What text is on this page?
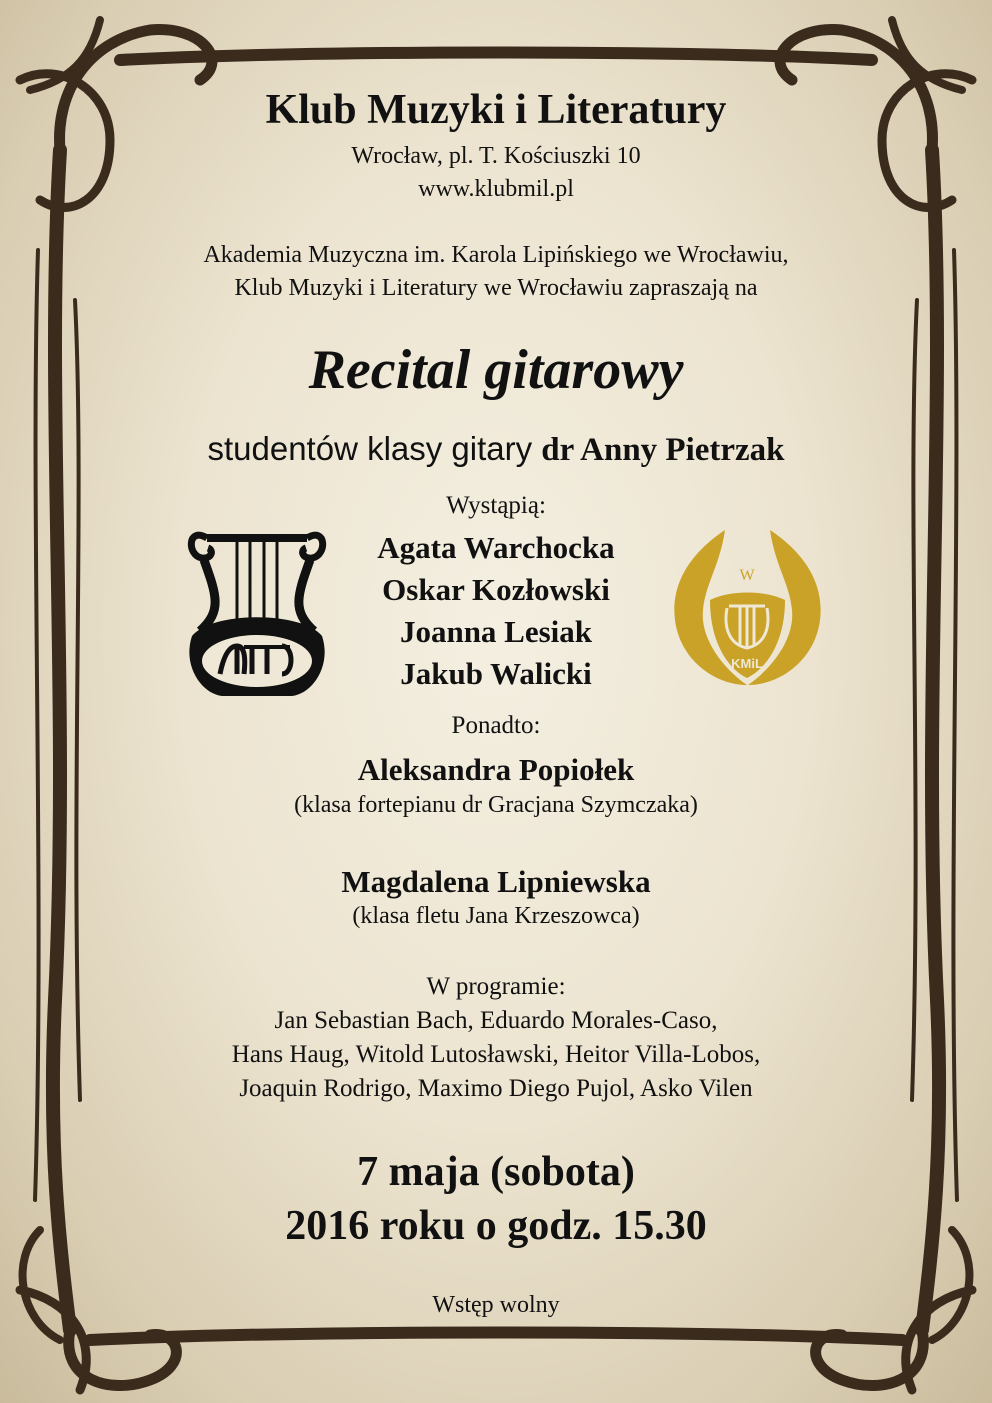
Klub Muzyki i Literatury
Wrocław, pl. T. Kościuszki 10
www.klubmil.pl
Akademia Muzyczna im. Karola Lipińskiego we Wrocławiu,
Klub Muzyki i Literatury we Wrocławiu zapraszają na
Recital gitarowy
studentów klasy gitary dr Anny Pietrzak
Wystąpią:
Agata Warchocka
Oskar Kozłowski
Joanna Lesiak
Jakub Walicki
W
KMiL
Ponadto:
Aleksandra Popiołek
(klasa fortepianu dr Gracjana Szymczaka)
Magdalena Lipniewska
(klasa fletu Jana Krzeszowca)
W programie:
Jan Sebastian Bach, Eduardo Morales-Caso,
Hans Haug, Witold Lutosławski, Heitor Villa-Lobos,
Joaquin Rodrigo, Maximo Diego Pujol, Asko Vilen
7 maja (sobota)
2016 roku o godz. 15.30
Wstęp wolny
